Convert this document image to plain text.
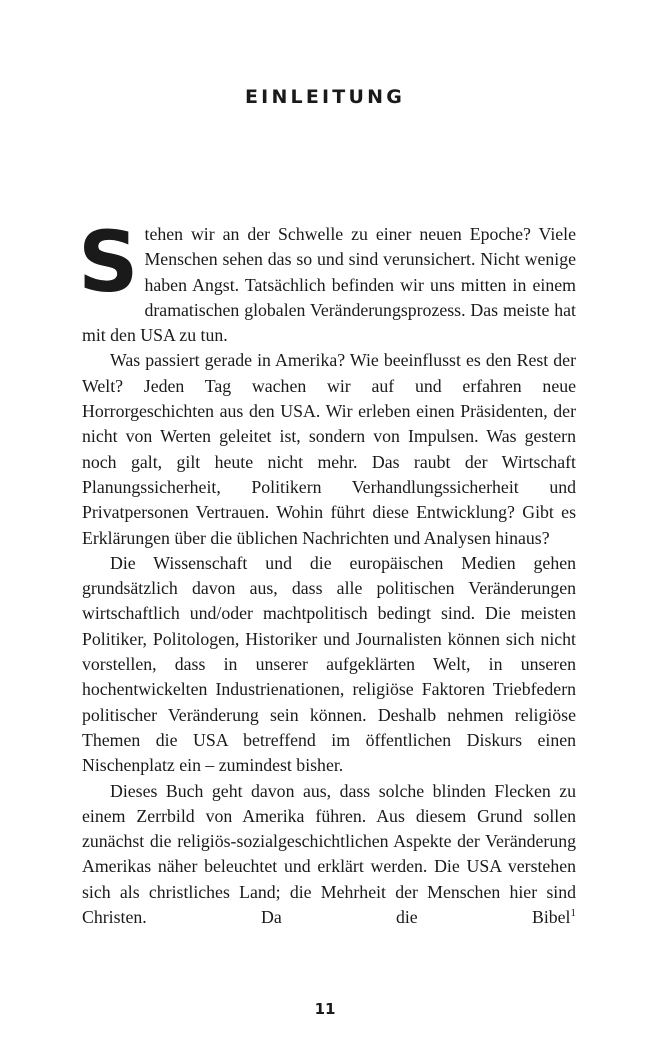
EINLEITUNG

Stehen wir an der Schwelle zu einer neuen Epoche? Viele Menschen sehen das so und sind verunsichert. Nicht wenige haben Angst. Tatsächlich befinden wir uns mitten in einem dramatischen globalen Veränderungsprozess. Das meiste hat mit den USA zu tun.

Was passiert gerade in Amerika? Wie beeinflusst es den Rest der Welt? Jeden Tag wachen wir auf und erfahren neue Horrorgeschichten aus den USA. Wir erleben einen Präsidenten, der nicht von Werten geleitet ist, sondern von Impulsen. Was gestern noch galt, gilt heute nicht mehr. Das raubt der Wirtschaft Planungssicherheit, Politikern Verhandlungssicherheit und Privatpersonen Vertrauen. Wohin führt diese Entwicklung? Gibt es Erklärungen über die üblichen Nachrichten und Analysen hinaus?

Die Wissenschaft und die europäischen Medien gehen grundsätzlich davon aus, dass alle politischen Veränderungen wirtschaftlich und/oder machtpolitisch bedingt sind. Die meisten Politiker, Politologen, Historiker und Journalisten können sich nicht vorstellen, dass in unserer aufgeklärten Welt, in unseren hochentwickelten Industrienationen, religiöse Faktoren Triebfedern politischer Veränderung sein können. Deshalb nehmen religiöse Themen die USA betreffend im öffentlichen Diskurs einen Nischenplatz ein – zumindest bisher.

Dieses Buch geht davon aus, dass solche blinden Flecken zu einem Zerrbild von Amerika führen. Aus diesem Grund sollen zunächst die religiös-sozialgeschichtlichen Aspekte der Veränderung Amerikas näher beleuchtet und erklärt werden. Die USA verstehen sich als christliches Land; die Mehrheit der Menschen hier sind Christen. Da die Bibel$^1$

11
